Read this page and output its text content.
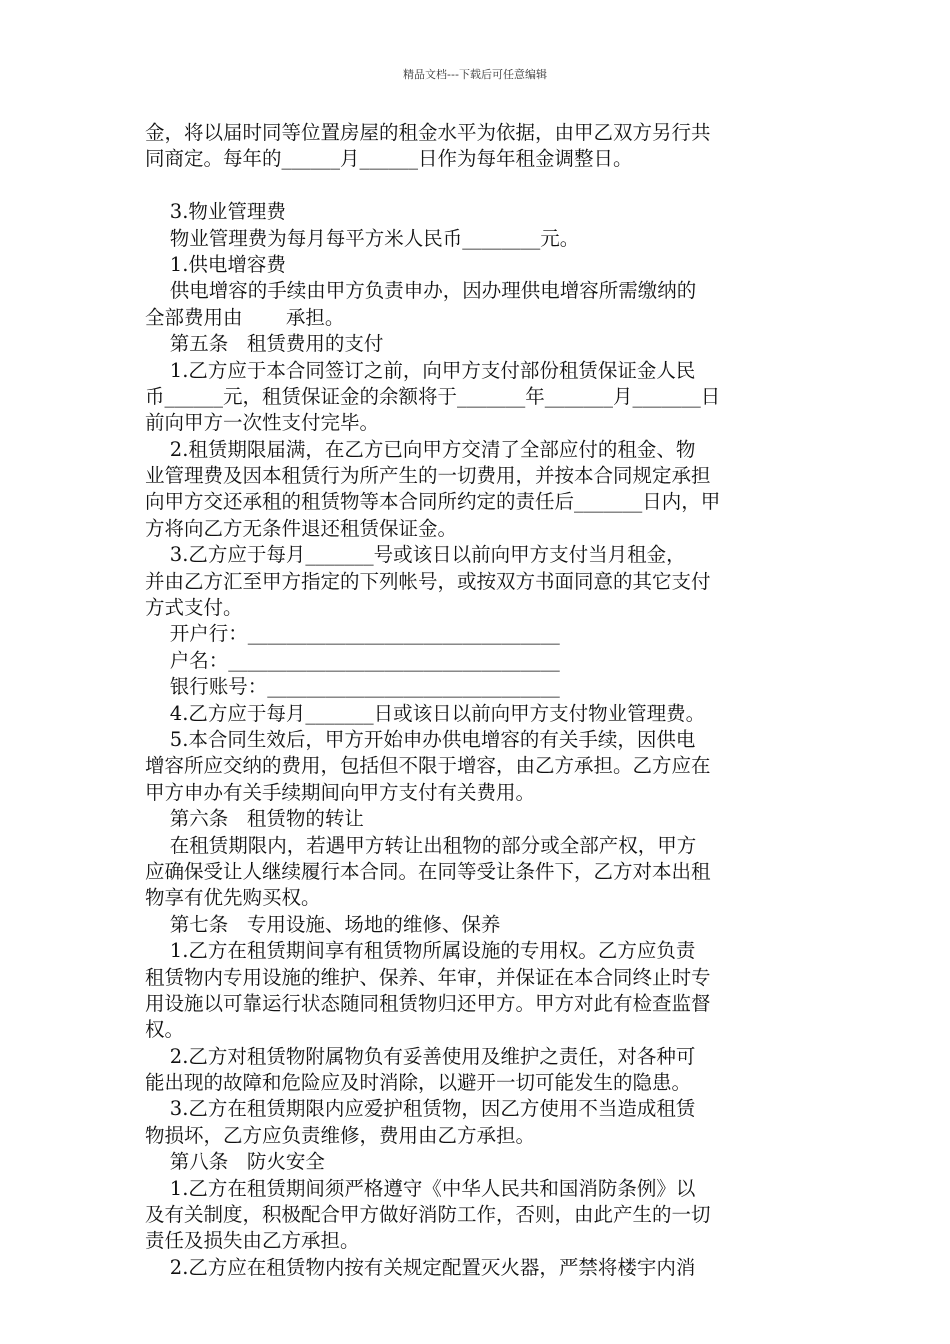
精品文档---下载后可任意编辑
金，将以届时同等位置房屋的租金水平为依据，由甲乙双方另行共
同商定。每年的______月______日作为每年租金调整日。
3.物业管理费
物业管理费为每月每平方米人民币________元。
1.供电增容费
供电增容的手续由甲方负责申办，因办理供电增容所需缴纳的
全部费用由       承担。
第五条   租赁费用的支付
1.乙方应于本合同签订之前，向甲方支付部份租赁保证金人民
币______元，租赁保证金的余额将于_______年_______月_______日
前向甲方一次性支付完毕。
2.租赁期限届满，在乙方已向甲方交清了全部应付的租金、物
业管理费及因本租赁行为所产生的一切费用，并按本合同规定承担
向甲方交还承租的租赁物等本合同所约定的责任后_______日内，甲
方将向乙方无条件退还租赁保证金。
3.乙方应于每月_______号或该日以前向甲方支付当月租金，
并由乙方汇至甲方指定的下列帐号，或按双方书面同意的其它支付
方式支付。
开户行：________________________________
户名：__________________________________
银行账号：______________________________
4.乙方应于每月_______日或该日以前向甲方支付物业管理费。
5.本合同生效后，甲方开始申办供电增容的有关手续，因供电
增容所应交纳的费用，包括但不限于增容，由乙方承担。乙方应在
甲方申办有关手续期间向甲方支付有关费用。
第六条   租赁物的转让
在租赁期限内，若遇甲方转让出租物的部分或全部产权，甲方
应确保受让人继续履行本合同。在同等受让条件下，乙方对本出租
物享有优先购买权。
第七条   专用设施、场地的维修、保养
1.乙方在租赁期间享有租赁物所属设施的专用权。乙方应负责
租赁物内专用设施的维护、保养、年审，并保证在本合同终止时专
用设施以可靠运行状态随同租赁物归还甲方。甲方对此有检查监督
权。
2.乙方对租赁物附属物负有妥善使用及维护之责任，对各种可
能出现的故障和危险应及时消除，以避开一切可能发生的隐患。
3.乙方在租赁期限内应爱护租赁物，因乙方使用不当造成租赁
物损坏，乙方应负责维修，费用由乙方承担。
第八条   防火安全
1.乙方在租赁期间须严格遵守《中华人民共和国消防条例》以
及有关制度，积极配合甲方做好消防工作，否则，由此产生的一切
责任及损失由乙方承担。
2.乙方应在租赁物内按有关规定配置灭火器，严禁将楼宇内消
